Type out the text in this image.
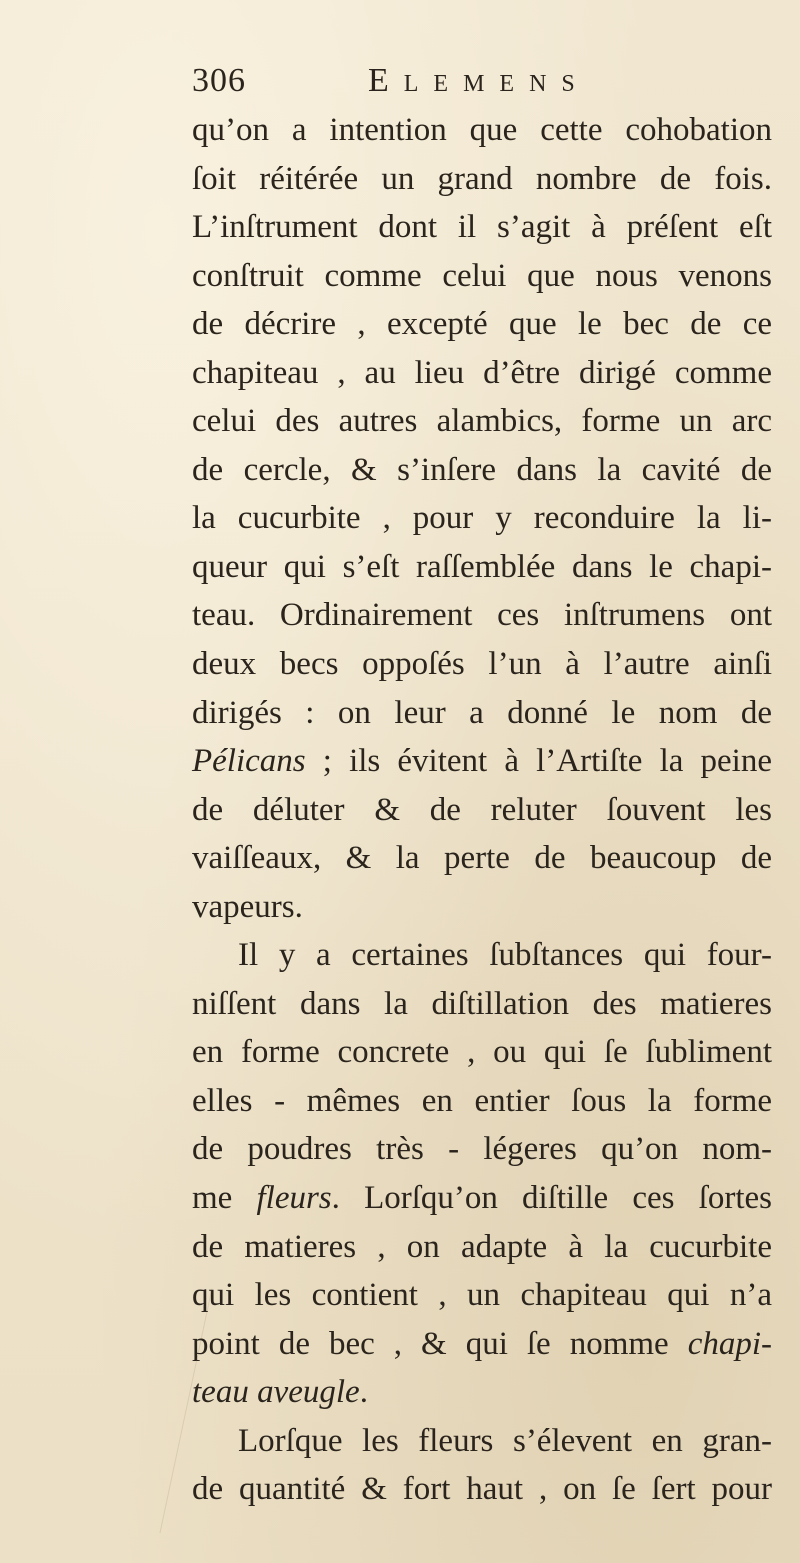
306	Elemens
qu’on a intention que cette cohobation
ſoit réitérée un grand nombre de fois.
L’inſtrument dont il s’agit à préſent eſt
conſtruit comme celui que nous venons
de décrire , excepté que le bec de ce
chapiteau , au lieu d’être dirigé comme
celui des autres alambics, forme un arc
de cercle, & s’inſere dans la cavité de
la cucurbite , pour y reconduire la li-
queur qui s’eſt raſſemblée dans le chapi-
teau. Ordinairement ces inſtrumens ont
deux becs oppoſés l’un à l’autre ainſi
dirigés : on leur a donné le nom de
Pélicans ; ils évitent à l’Artiſte la peine
de déluter & de reluter ſouvent les
vaiſſeaux, & la perte de beaucoup de
vapeurs.
Il y a certaines ſubſtances qui four-
niſſent dans la diſtillation des matieres
en forme concrete , ou qui ſe ſubliment
elles - mêmes en entier ſous la forme
de poudres très - légeres qu’on nom-
me fleurs. Lorſqu’on diſtille ces ſortes
de matieres , on adapte à la cucurbite
qui les contient , un chapiteau qui n’a
point de bec , & qui ſe nomme chapi-
teau aveugle.
Lorſque les fleurs s’élevent en gran-
de quantité & fort haut , on ſe ſert pour
